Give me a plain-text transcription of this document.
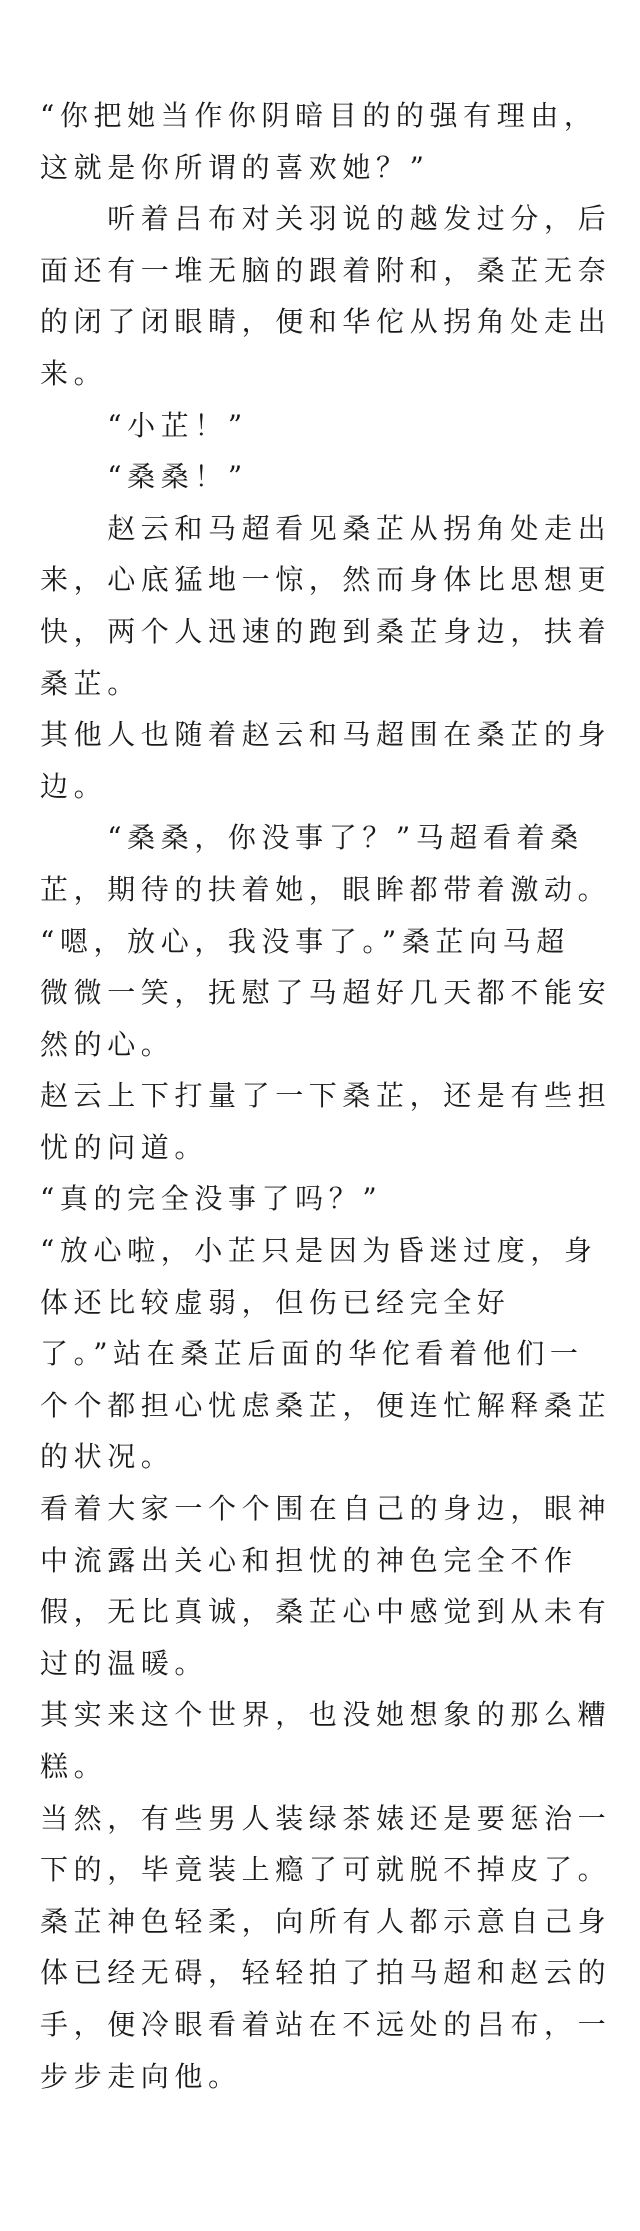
“你把她当作你阴暗目的的强有理由，
这就是你所谓的喜欢她？”
　　听着吕布对关羽说的越发过分，后
面还有一堆无脑的跟着附和，桑芷无奈
的闭了闭眼睛，便和华佗从拐角处走出
来。
　　“小芷！”
　　“桑桑！”
　　赵云和马超看见桑芷从拐角处走出
来，心底猛地一惊，然而身体比思想更
快，两个人迅速的跑到桑芷身边，扶着
桑芷。
其他人也随着赵云和马超围在桑芷的身
边。
　　“桑桑，你没事了？”马超看着桑
芷，期待的扶着她，眼眸都带着激动。
“嗯，放心，我没事了。”桑芷向马超
微微一笑，抚慰了马超好几天都不能安
然的心。
赵云上下打量了一下桑芷，还是有些担
忧的问道。
“真的完全没事了吗？”
“放心啦，小芷只是因为昏迷过度，身
体还比较虚弱，但伤已经完全好
了。”站在桑芷后面的华佗看着他们一
个个都担心忧虑桑芷，便连忙解释桑芷
的状况。
看着大家一个个围在自己的身边，眼神
中流露出关心和担忧的神色完全不作
假，无比真诚，桑芷心中感觉到从未有
过的温暖。
其实来这个世界，也没她想象的那么糟
糕。
当然，有些男人装绿茶婊还是要惩治一
下的，毕竟装上瘾了可就脱不掉皮了。
桑芷神色轻柔，向所有人都示意自己身
体已经无碍，轻轻拍了拍马超和赵云的
手，便冷眼看着站在不远处的吕布，一
步步走向他。
